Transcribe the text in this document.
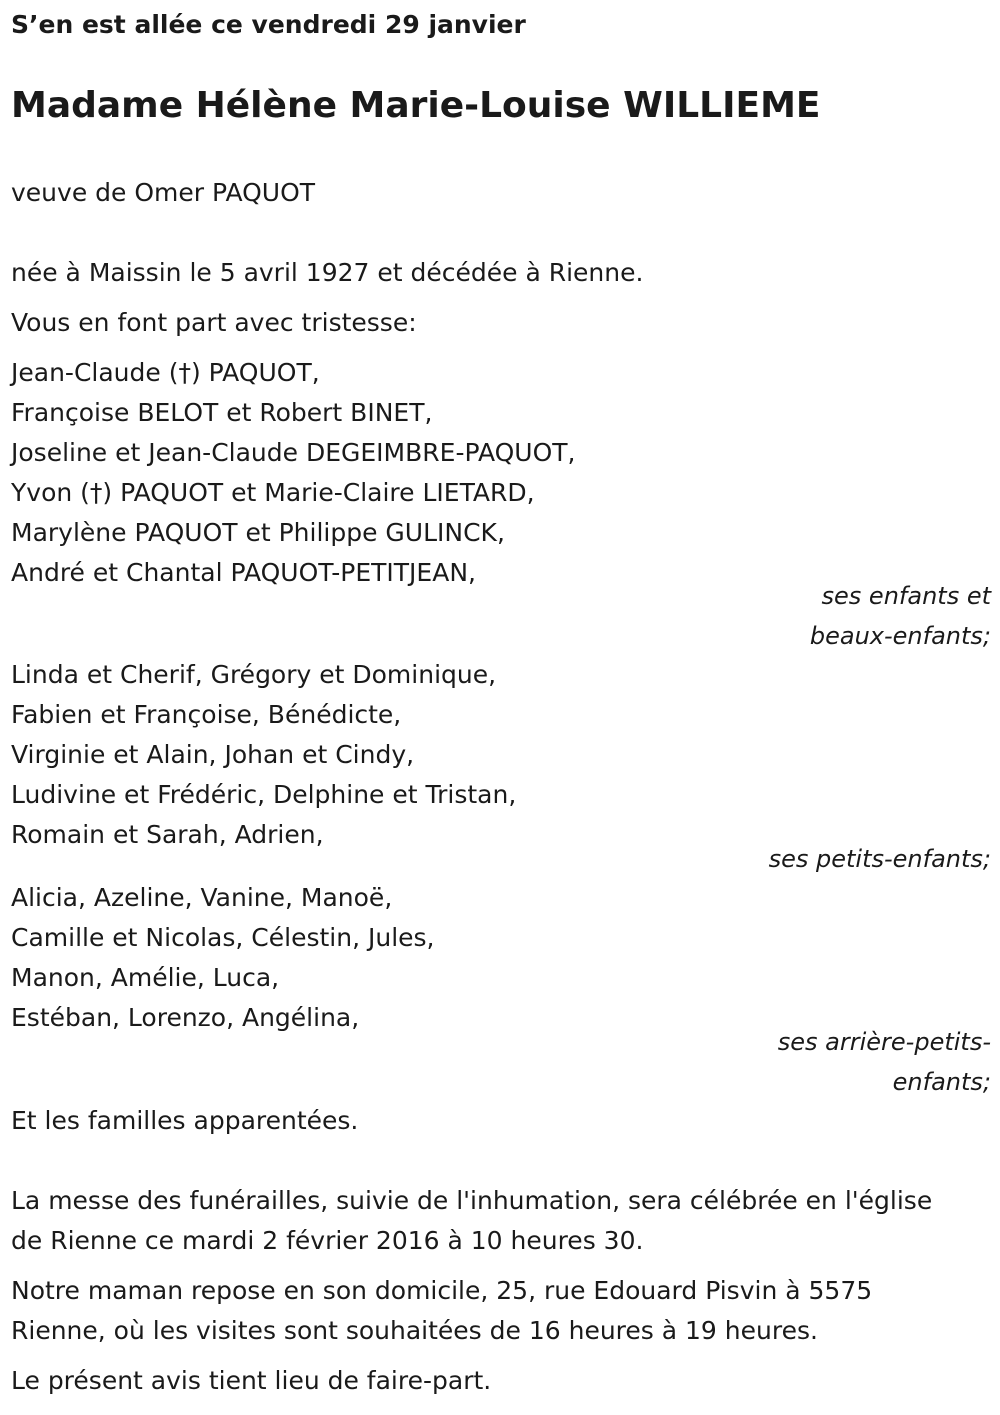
S’en est allée ce vendredi 29 janvier
Madame Hélène Marie-Louise WILLIEME
veuve de Omer PAQUOT
née à Maissin le 5 avril 1927 et décédée à Rienne.
Vous en font part avec tristesse:
Jean-Claude (†) PAQUOT,
Françoise BELOT et Robert BINET,
Joseline et Jean-Claude DEGEIMBRE-PAQUOT,
Yvon (†) PAQUOT et Marie-Claire LIETARD,
Marylène PAQUOT et Philippe GULINCK,
André et Chantal PAQUOT-PETITJEAN,
ses enfants et
beaux-enfants;
Linda et Cherif, Grégory et Dominique,
Fabien et Françoise, Bénédicte,
Virginie et Alain, Johan et Cindy,
Ludivine et Frédéric, Delphine et Tristan,
Romain et Sarah, Adrien,
ses petits-enfants;
Alicia, Azeline, Vanine, Manoë,
Camille et Nicolas, Célestin, Jules,
Manon, Amélie, Luca,
Estéban, Lorenzo, Angélina,
ses arrière-petits-
enfants;
Et les familles apparentées.
La messe des funérailles, suivie de l'inhumation, sera célébrée en l'église
de Rienne ce mardi 2 février 2016 à 10 heures 30.
Notre maman repose en son domicile, 25, rue Edouard Pisvin à 5575
Rienne, où les visites sont souhaitées de 16 heures à 19 heures.
Le présent avis tient lieu de faire-part.
